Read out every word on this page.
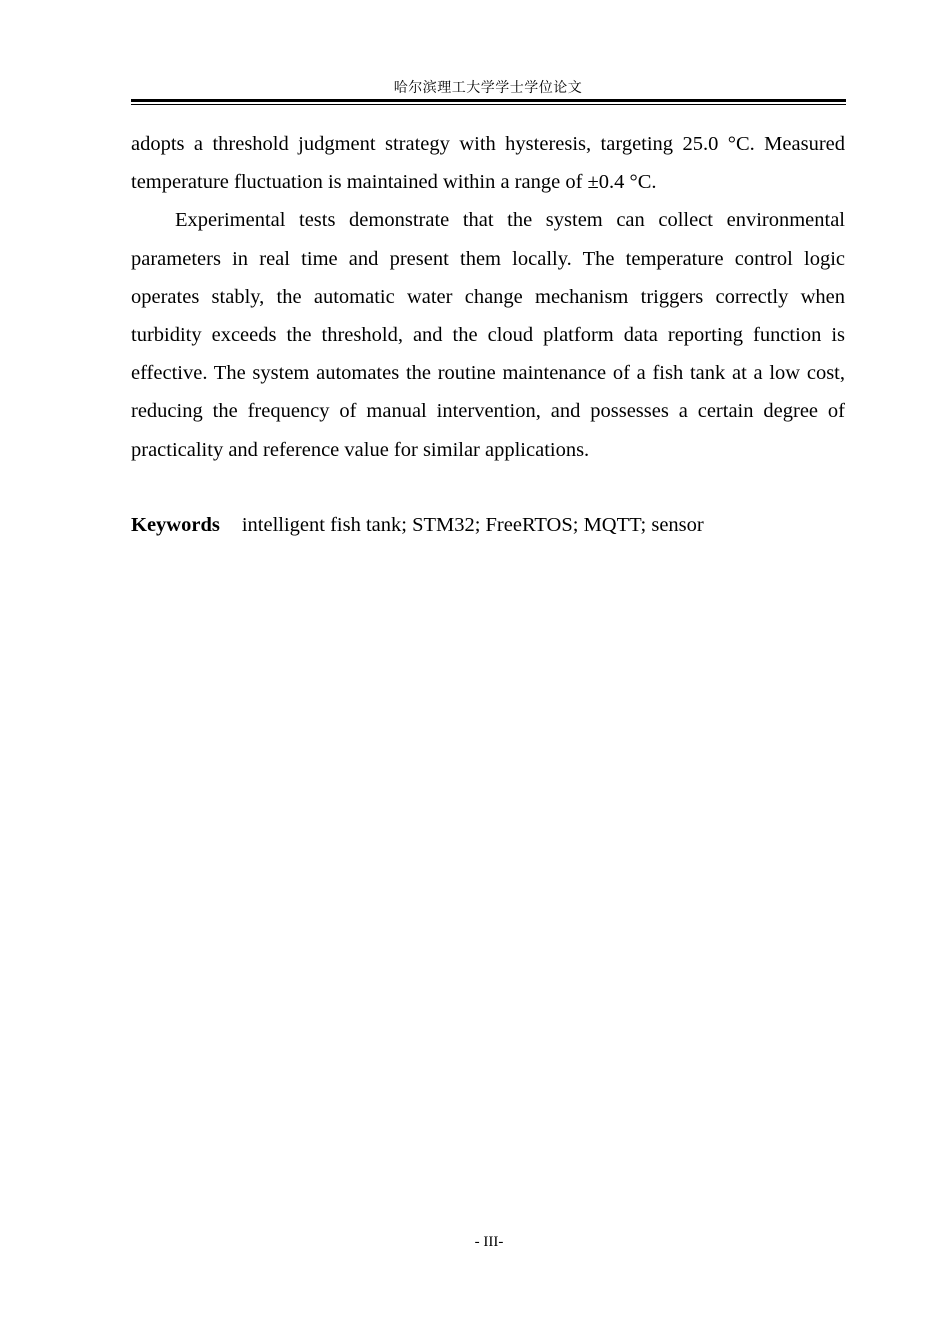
哈尔滨理工大学学士学位论文

adopts a threshold judgment strategy with hysteresis, targeting 25.0 °C. Measured temperature fluctuation is maintained within a range of ±0.4 °C.

Experimental tests demonstrate that the system can collect environmental parameters in real time and present them locally. The temperature control logic operates stably, the automatic water change mechanism triggers correctly when turbidity exceeds the threshold, and the cloud platform data reporting function is effective. The system automates the routine maintenance of a fish tank at a low cost, reducing the frequency of manual intervention, and possesses a certain degree of practicality and reference value for similar applications.

Keywords intelligent fish tank; STM32; FreeRTOS; MQTT; sensor
- III-
